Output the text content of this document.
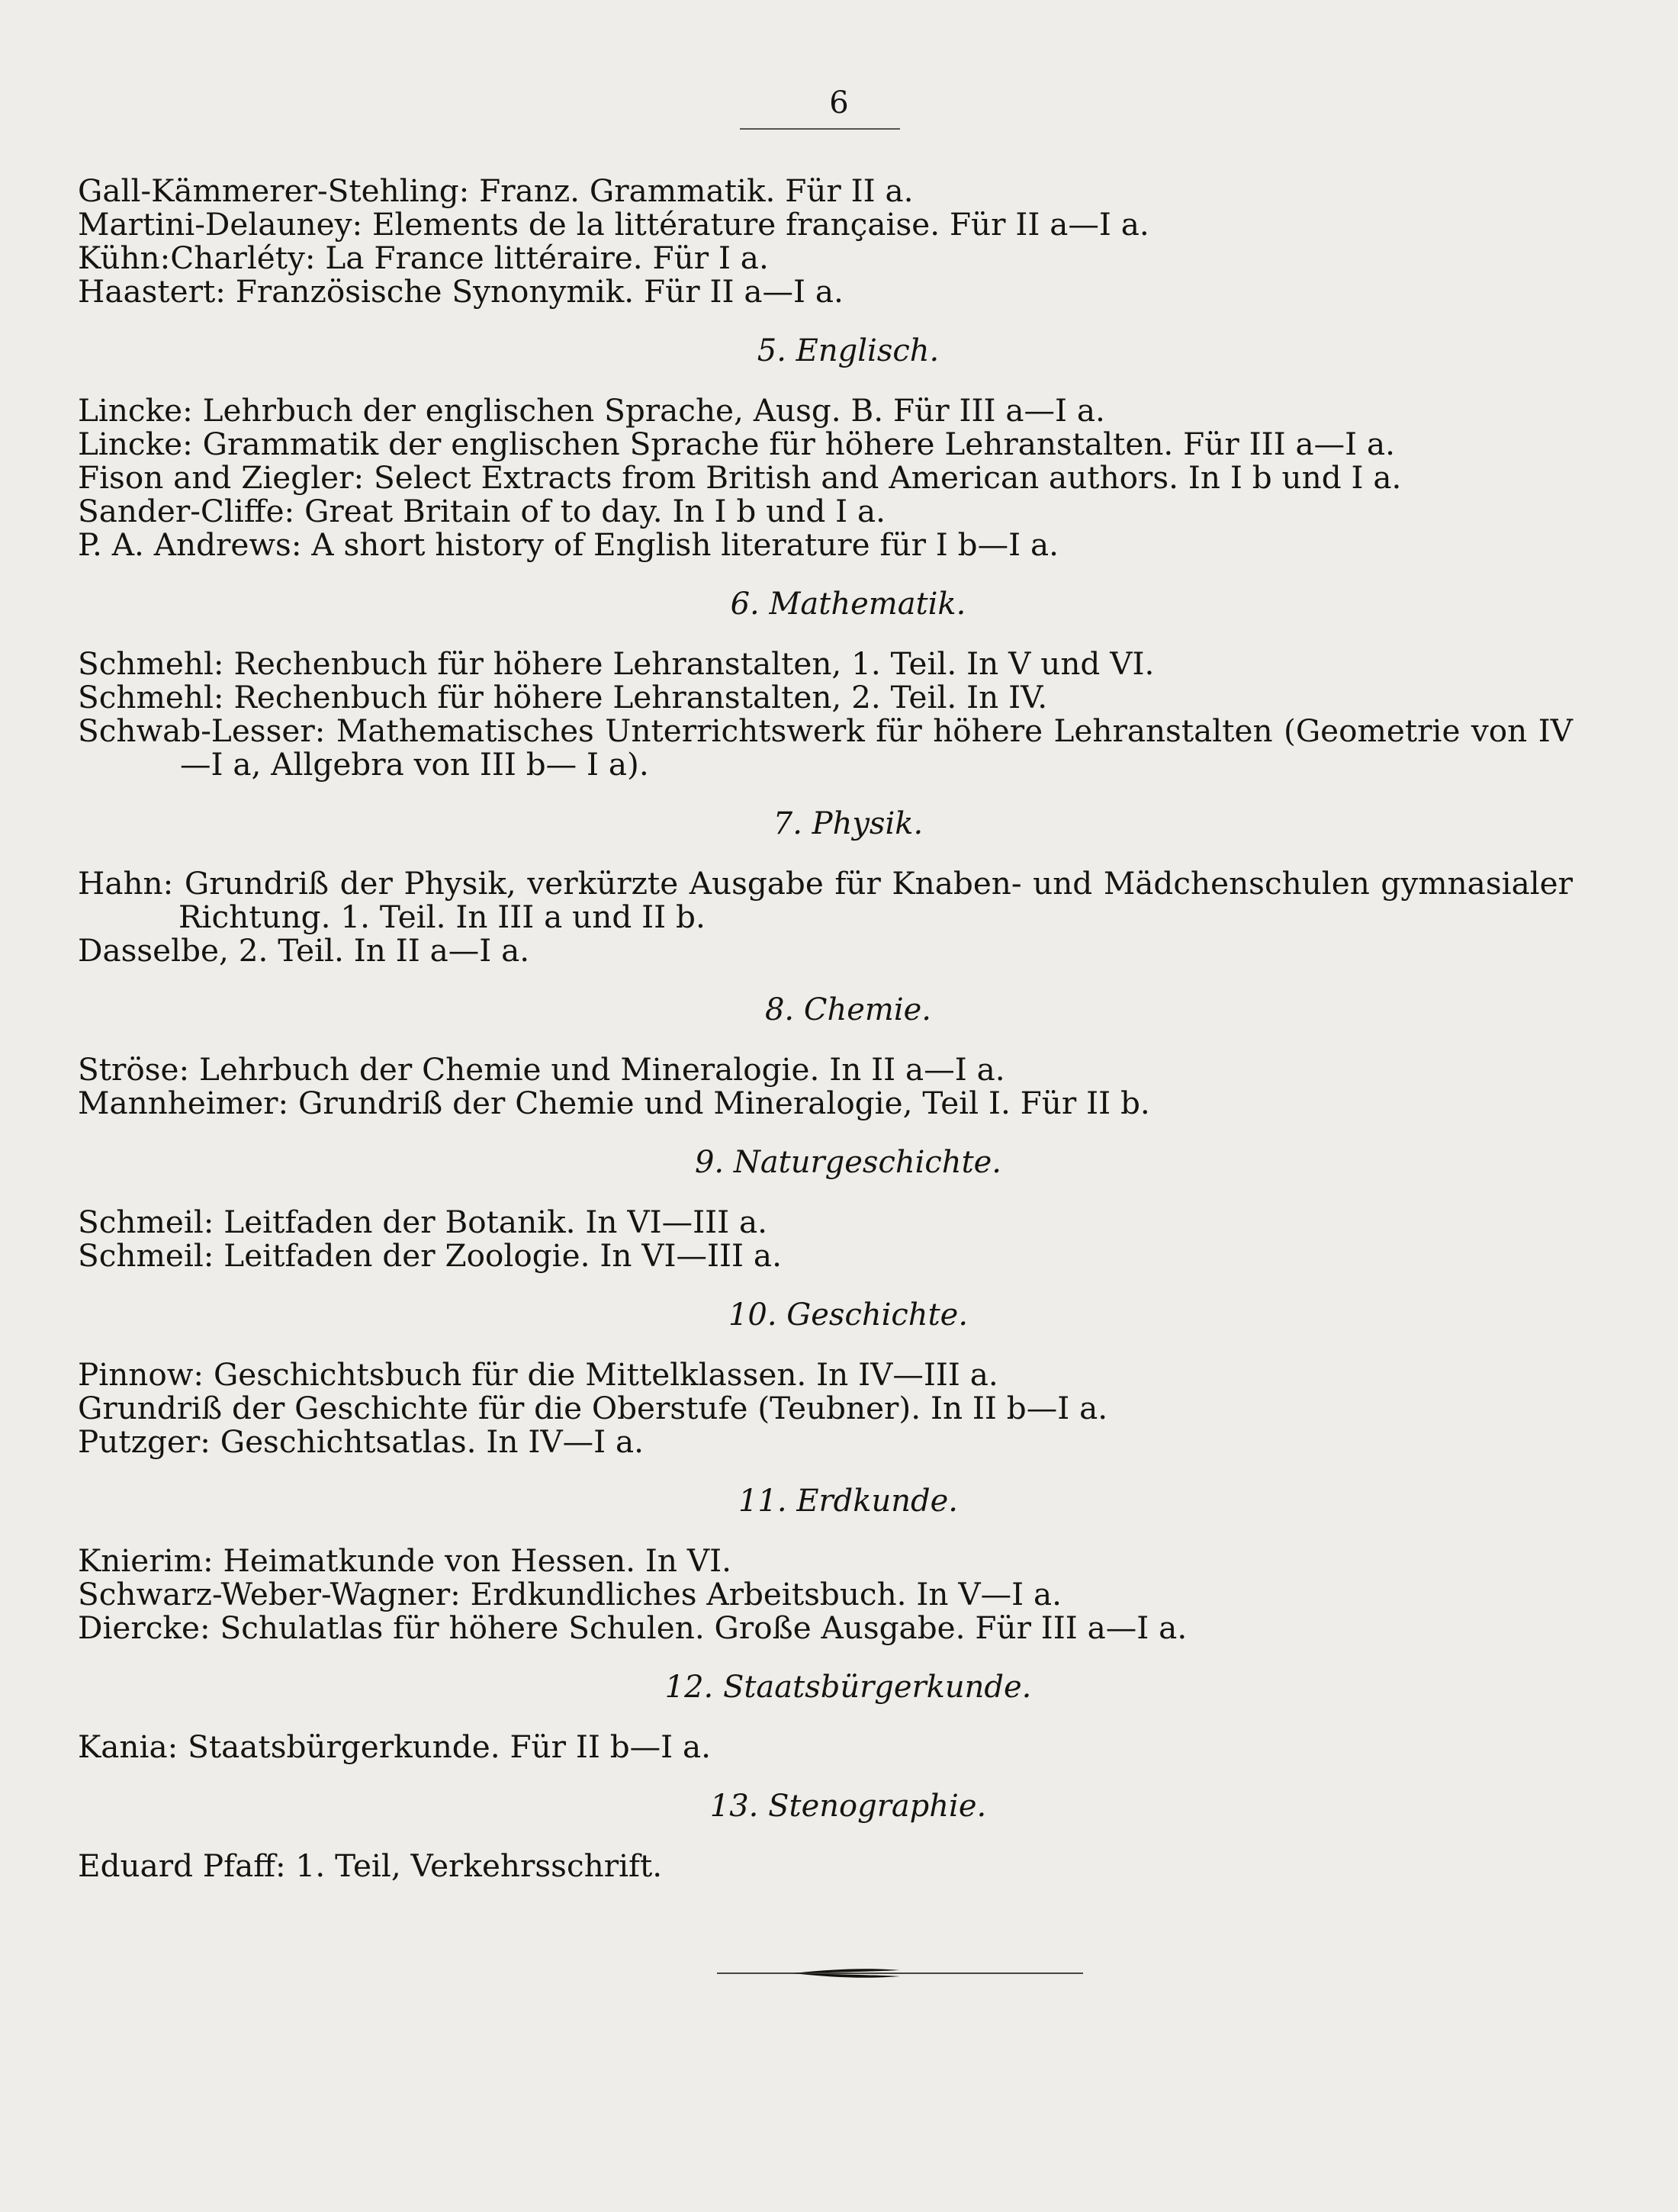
6
Gall-Kämmerer-Stehling: Franz. Grammatik. Für II a.
Martini-Delauney: Elements de la littérature française. Für II a—I a.
Kühn:Charléty: La France littéraire. Für I a.
Haastert: Französische Synonymik. Für II a—I a.
5. Englisch.
Lincke: Lehrbuch der englischen Sprache, Ausg. B. Für III a—I a.
Lincke: Grammatik der englischen Sprache für höhere Lehranstalten. Für III a—I a.
Fison and Ziegler: Select Extracts from British and American authors. In I b und I a.
Sander-Cliffe: Great Britain of to day. In I b und I a.
P. A. Andrews: A short history of English literature für I b—I a.
6. Mathematik.
Schmehl: Rechenbuch für höhere Lehranstalten, 1. Teil. In V und VI.
Schmehl: Rechenbuch für höhere Lehranstalten, 2. Teil. In IV.
Schwab-Lesser: Mathematisches Unterrichtswerk für höhere Lehranstalten (Geometrie von IV—I a, Allgebra von III b— I a).
7. Physik.
Hahn: Grundriß der Physik, verkürzte Ausgabe für Knaben- und Mädchenschulen gymnasialer Richtung. 1. Teil. In III a und II b.
Dasselbe, 2. Teil. In II a—I a.
8. Chemie.
Ströse: Lehrbuch der Chemie und Mineralogie. In II a—I a.
Mannheimer: Grundriß der Chemie und Mineralogie, Teil I. Für II b.
9. Naturgeschichte.
Schmeil: Leitfaden der Botanik. In VI—III a.
Schmeil: Leitfaden der Zoologie. In VI—III a.
10. Geschichte.
Pinnow: Geschichtsbuch für die Mittelklassen. In IV—III a.
Grundriß der Geschichte für die Oberstufe (Teubner). In II b—I a.
Putzger: Geschichtsatlas. In IV—I a.
11. Erdkunde.
Knierim: Heimatkunde von Hessen. In VI.
Schwarz-Weber-Wagner: Erdkundliches Arbeitsbuch. In V—I a.
Diercke: Schulatlas für höhere Schulen. Große Ausgabe. Für III a—I a.
12. Staatsbürgerkunde.
Kania: Staatsbürgerkunde. Für II b—I a.
13. Stenographie.
Eduard Pfaff: 1. Teil, Verkehrsschrift.
